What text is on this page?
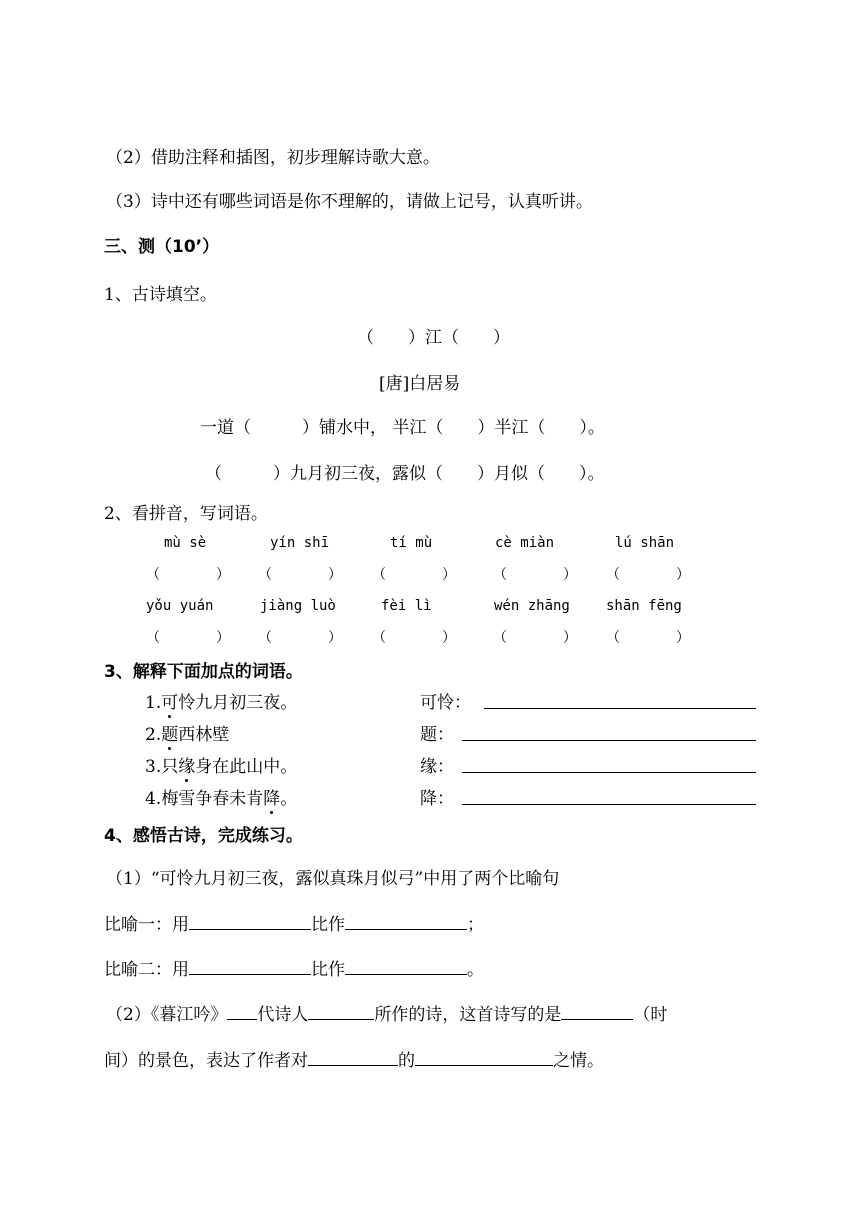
（2）借助注释和插图，初步理解诗歌大意。
（3）诗中还有哪些词语是你不理解的，请做上记号，认真听讲。
三、测（10’）
1、古诗填空。
（　　）江（　　）
[唐]白居易
一道（　　　）铺水中， 半江（　　）半江（　　）。
（　　　）九月初三夜，露似（　　）月似（　　）。
2、看拼音，写词语。
mù sè	yín shī	tí mù	cè miàn	lú shān
（　　　　） （　　　　） （　　　　）	（　　　　） （　　　　）
yǒu yuán	jiàng luò	fèi lì	wén zhāng	shān fēng
（　　　　） （　　　　） （　　　　）	（　　　　） （　　　　）
3、解释下面加点的词语。
1.可怜九月初三夜。	可怜：
2.题西林壁	题：
3.只缘身在此山中。	缘：
4.梅雪争春未肯降。	降：
4、感悟古诗，完成练习。
（1）“可怜九月初三夜，露似真珠月似弓”中用了两个比喻句
比喻一：用	比作	；
比喻二：用	比作	。
（2）《暮江吟》 代诗人	所作的诗，这首诗写的是	（时
间）的景色，表达了作者对	的	之情。
